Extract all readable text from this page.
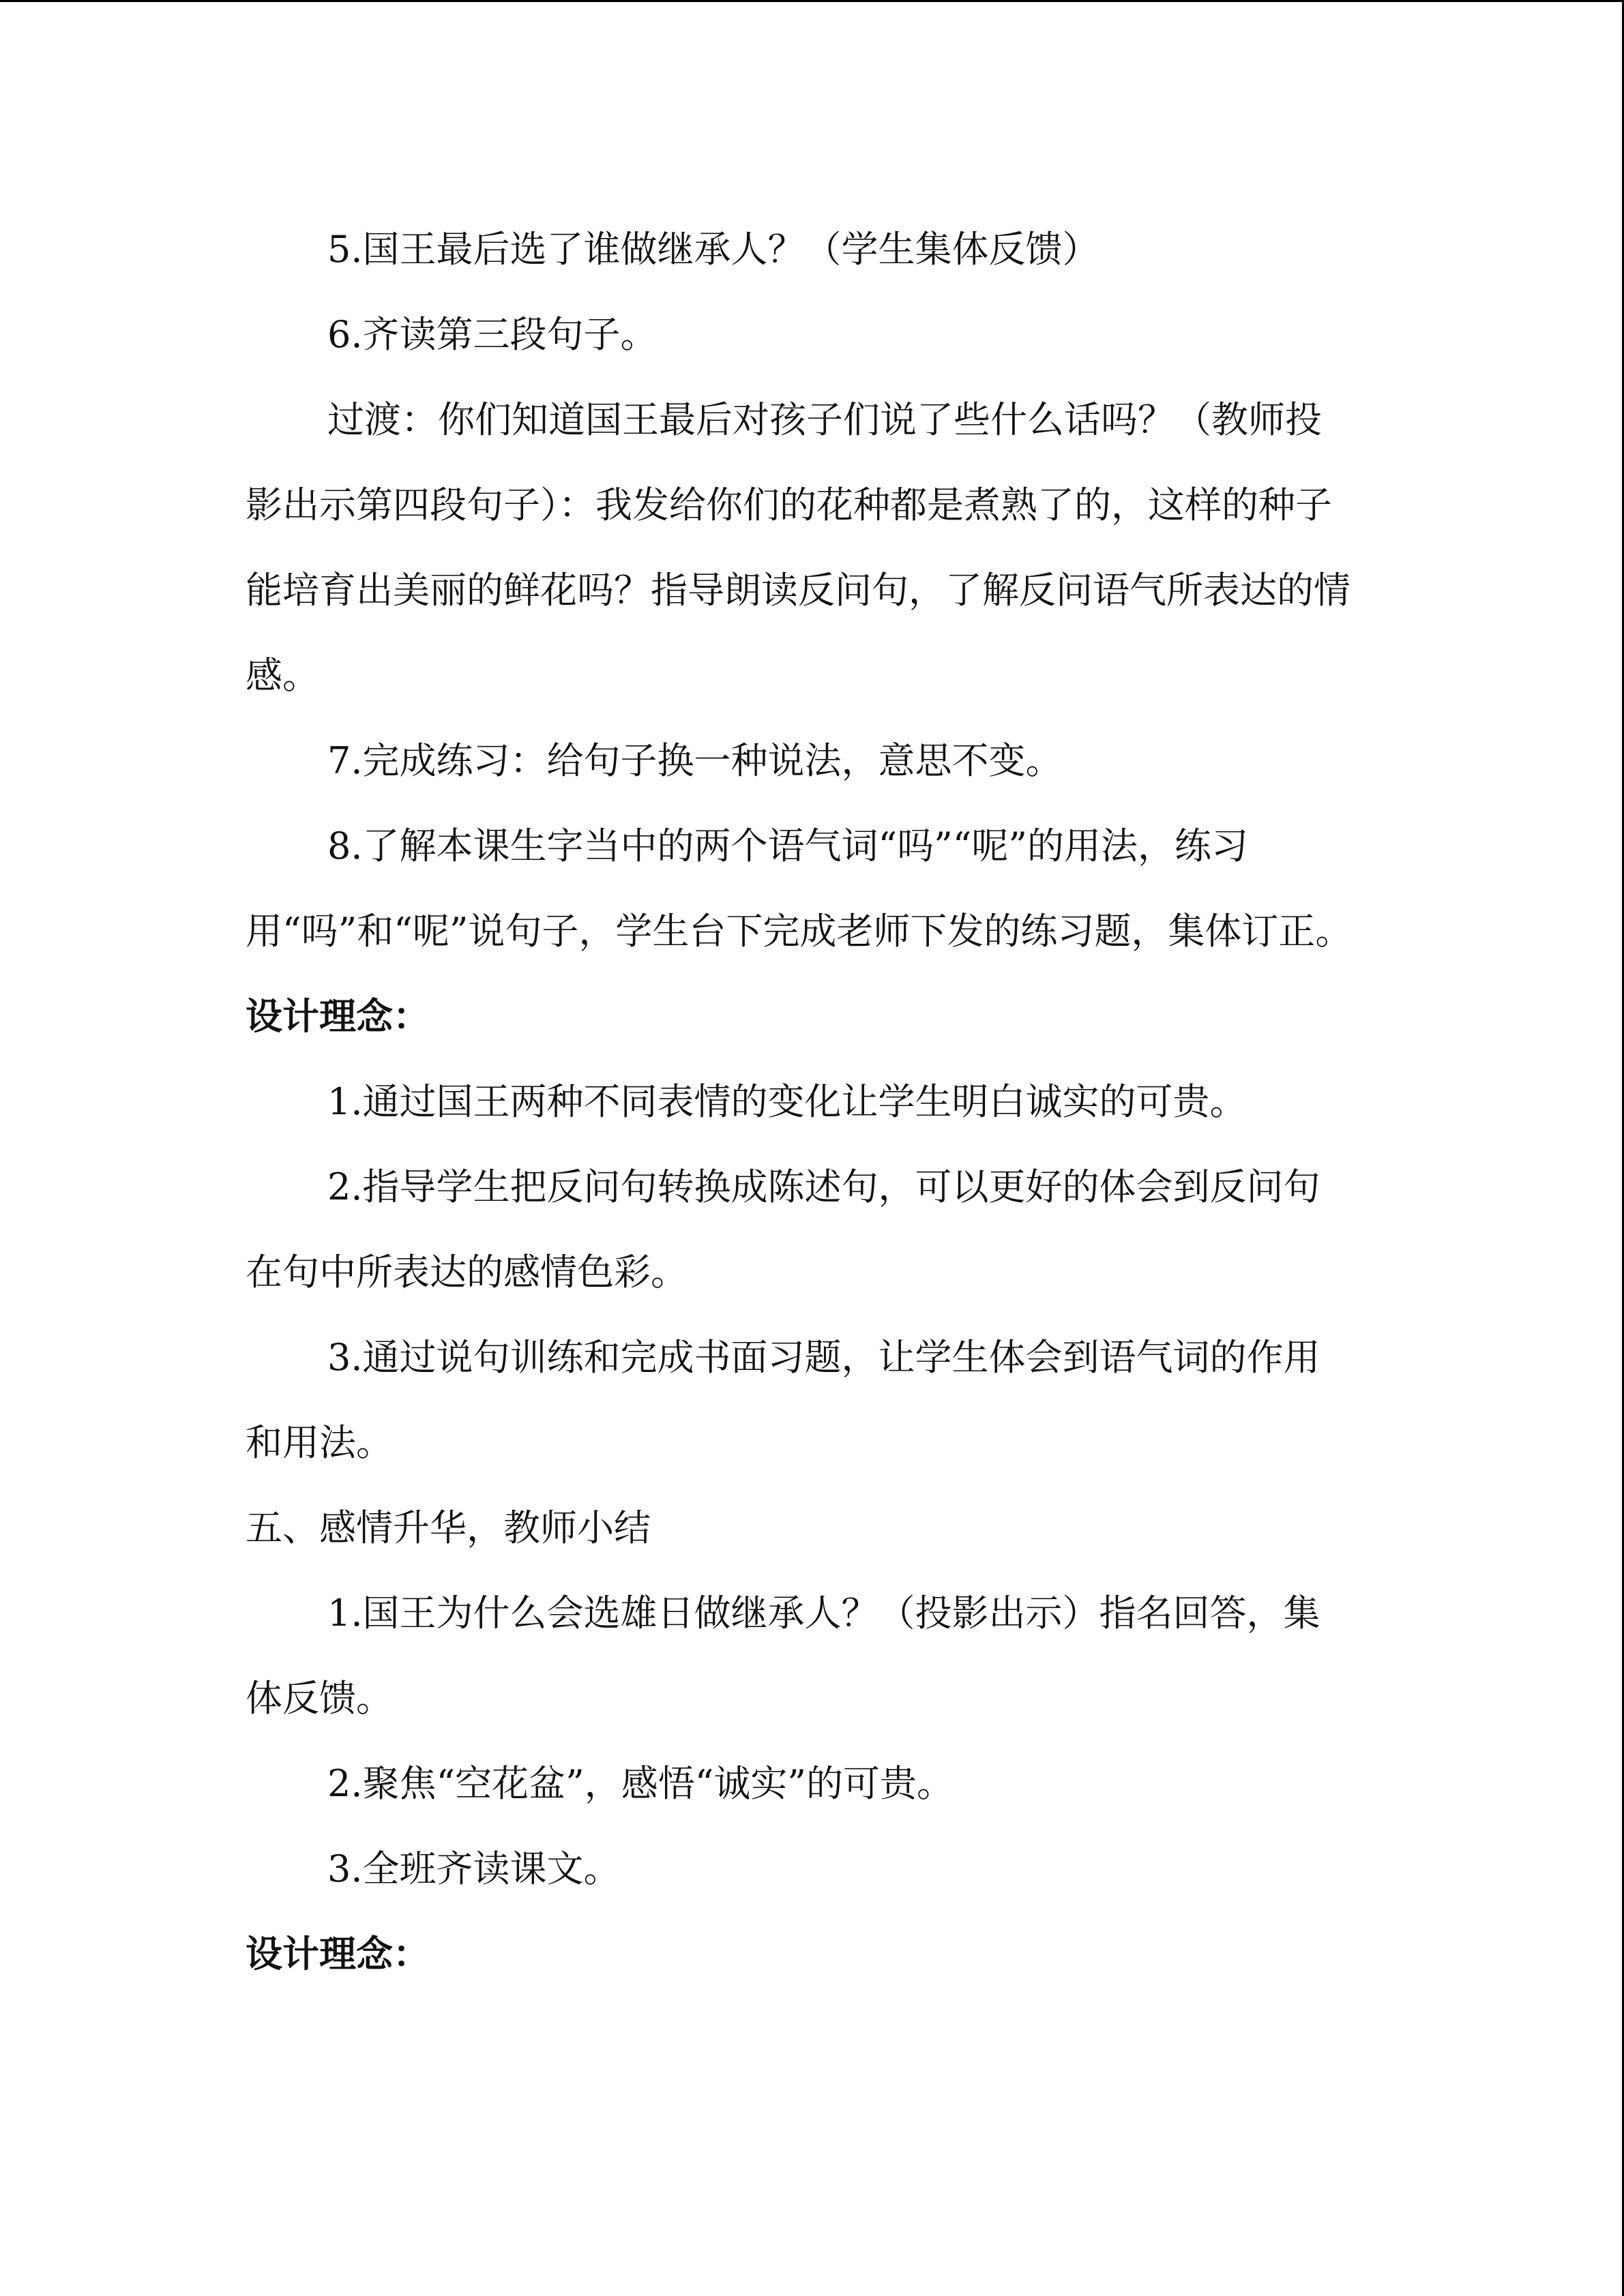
5.国王最后选了谁做继承人？（学生集体反馈）

6.齐读第三段句子。

过渡：你们知道国王最后对孩子们说了些什么话吗？（教师投影出示第四段句子）：我发给你们的花种都是煮熟了的，这样的种子能培育出美丽的鲜花吗？指导朗读反问句，了解反问语气所表达的情感。

7.完成练习：给句子换一种说法，意思不变。

8.了解本课生字当中的两个语气词“吗”“呢”的用法，练习用“吗”和“呢”说句子，学生台下完成老师下发的练习题，集体订正。

设计理念：

1.通过国王两种不同表情的变化让学生明白诚实的可贵。

2.指导学生把反问句转换成陈述句，可以更好的体会到反问句在句中所表达的感情色彩。

3.通过说句训练和完成书面习题，让学生体会到语气词的作用和用法。

五、感情升华，教师小结

1.国王为什么会选雄日做继承人？（投影出示）指名回答，集体反馈。

2.聚焦“空花盆”，感悟“诚实”的可贵。

3.全班齐读课文。

设计理念：
